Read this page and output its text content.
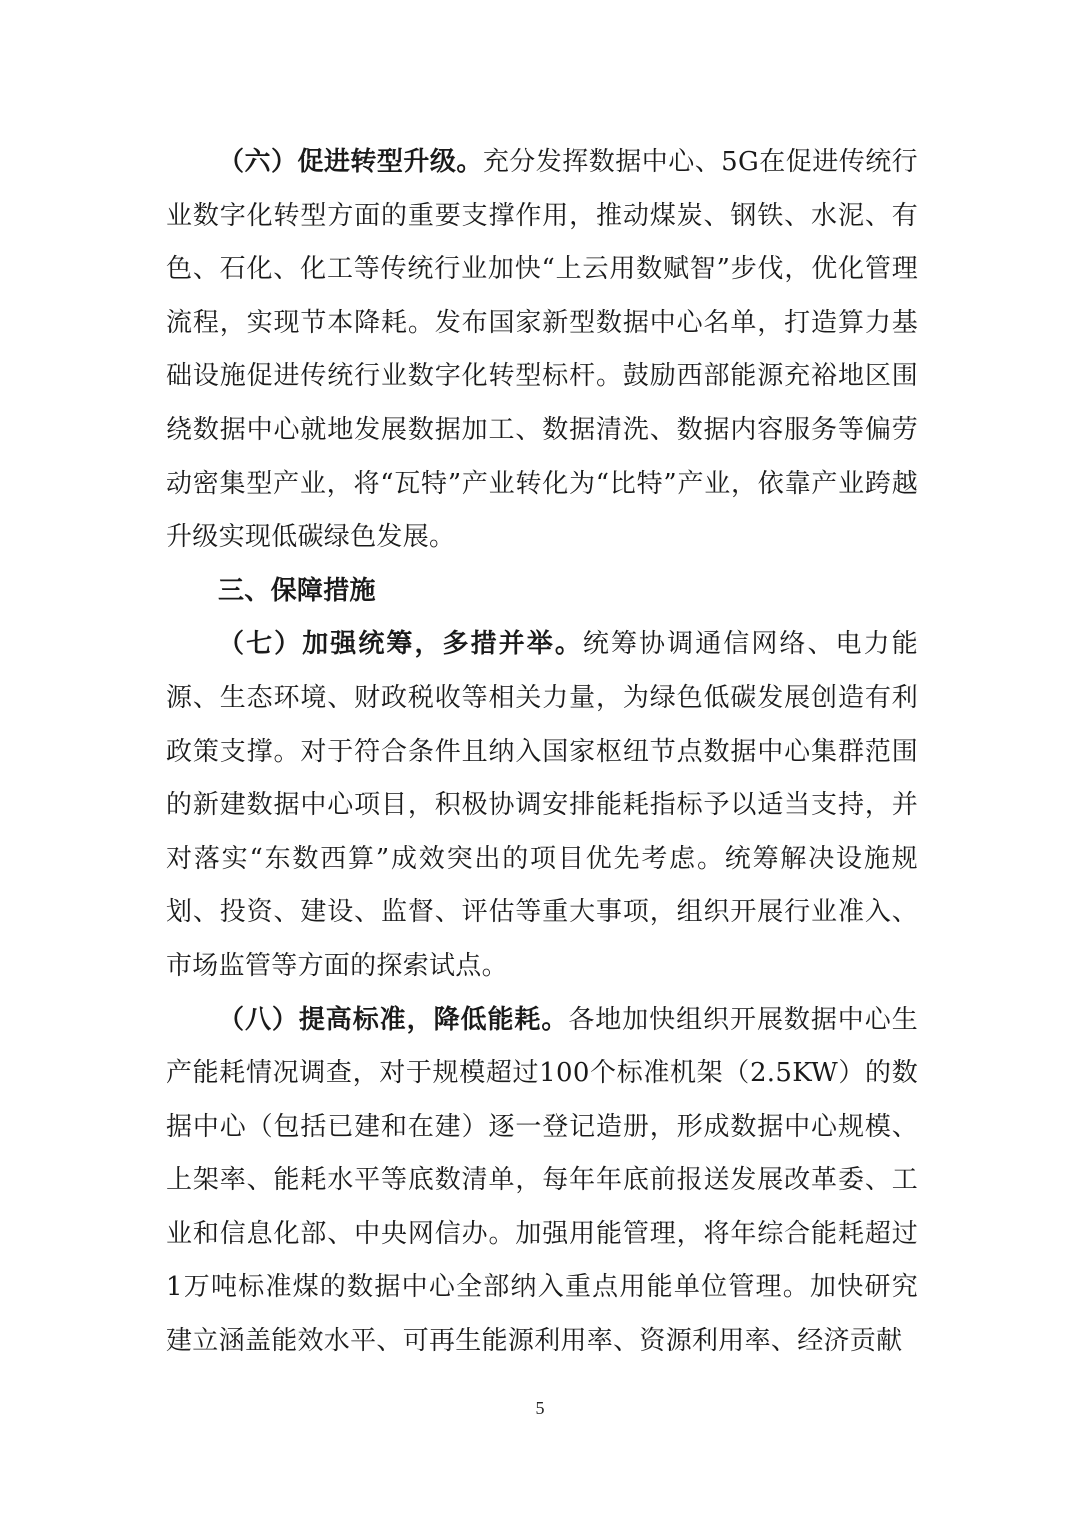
（六）促进转型升级。充分发挥数据中心、5G在促进传统行业数字化转型方面的重要支撑作用，推动煤炭、钢铁、水泥、有色、石化、化工等传统行业加快“上云用数赋智”步伐，优化管理流程，实现节本降耗。发布国家新型数据中心名单，打造算力基础设施促进传统行业数字化转型标杆。鼓励西部能源充裕地区围绕数据中心就地发展数据加工、数据清洗、数据内容服务等偏劳动密集型产业，将“瓦特”产业转化为“比特”产业，依靠产业跨越升级实现低碳绿色发展。

三、保障措施

（七）加强统筹，多措并举。统筹协调通信网络、电力能源、生态环境、财政税收等相关力量，为绿色低碳发展创造有利政策支撑。对于符合条件且纳入国家枢纽节点数据中心集群范围的新建数据中心项目，积极协调安排能耗指标予以适当支持，并对落实“东数西算”成效突出的项目优先考虑。统筹解决设施规划、投资、建设、监督、评估等重大事项，组织开展行业准入、市场监管等方面的探索试点。

（八）提高标准，降低能耗。各地加快组织开展数据中心生产能耗情况调查，对于规模超过100个标准机架（2.5KW）的数据中心（包括已建和在建）逐一登记造册，形成数据中心规模、上架率、能耗水平等底数清单，每年年底前报送发展改革委、工业和信息化部、中央网信办。加强用能管理，将年综合能耗超过1万吨标准煤的数据中心全部纳入重点用能单位管理。加快研究建立涵盖能效水平、可再生能源利用率、资源利用率、经济贡献

5
